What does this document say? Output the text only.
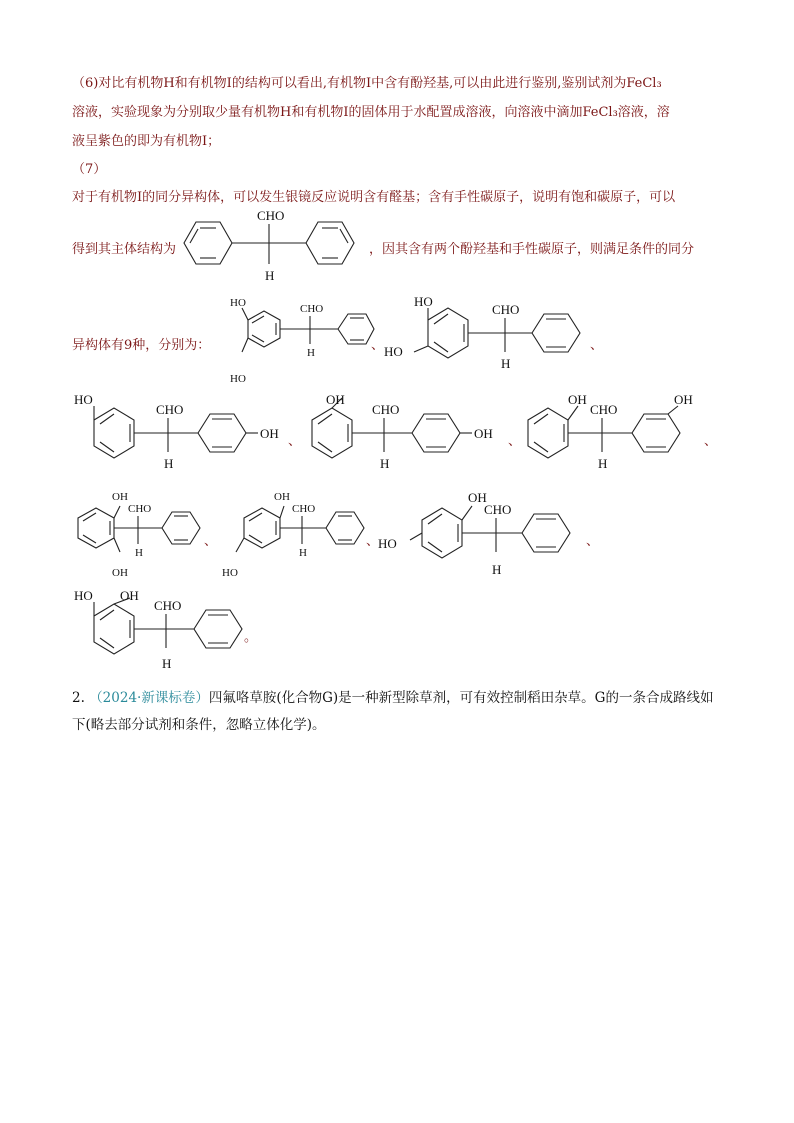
（6)对比有机物H和有机物I的结构可以看出,有机物I中含有酚羟基,可以由此进行鉴别,鉴别试剂为FeCl₃
溶液，实验现象为分别取少量有机物H和有机物I的固体用于水配置成溶液，向溶液中滴加FeCl₃溶液，溶
液呈紫色的即为有机物I；
（7）
对于有机物I的同分异构体，可以发生银镜反应说明含有醛基；含有手性碳原子，说明有饱和碳原子，可以
得到其主体结构为	，因其含有两个酚羟基和手性碳原子，则满足条件的同分
异构体有9种，分别为：
CHO
H
HO
HO
CHO
H	、
HO
HO
CHO
H
、
HO
CHO
H
OH
、
OH
CHO
H
OH
、
OH
CHO
H
OH
、
OH
OH
CHO
H
、
OH
HO
CHO
H
、
OH
HO
CHO
H
、
HO OH
CHO
H
。
2. （2024·新课标卷）四氟咯草胺(化合物G)是一种新型除草剂，可有效控制稻田杂草。G的一条合成路线如
下(略去部分试剂和条件，忽略立体化学)。
